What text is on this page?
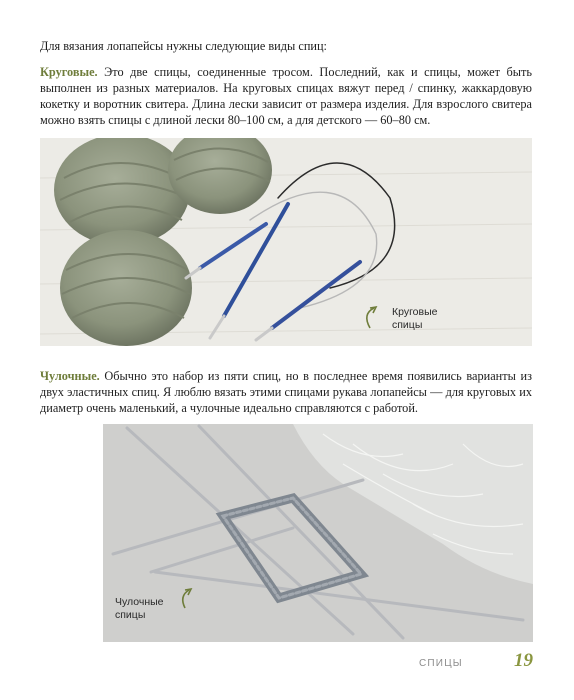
Для вязания лопапейсы нужны следующие виды спиц:

Круговые. Это две спицы, соединенные тросом. Последний, как и спицы, может быть выполнен из разных материалов. На круговых спицах вяжут перед / спинку, жаккардовую кокетку и воротник свитера. Длина лески зависит от размера изделия. Для взрослого свитера можно взять спицы с длиной лески 80–100 см, а для детского — 60–80 см.

Круговые
спицы

Чулочные. Обычно это набор из пяти спиц, но в последнее время появились варианты из двух эластичных спиц. Я люблю вязать этими спицами рукава лопапейсы — для круговых их диаметр очень маленький, а чулочные идеально справляются с работой.

Чулочные
спицы
СПИЦЫ	19
